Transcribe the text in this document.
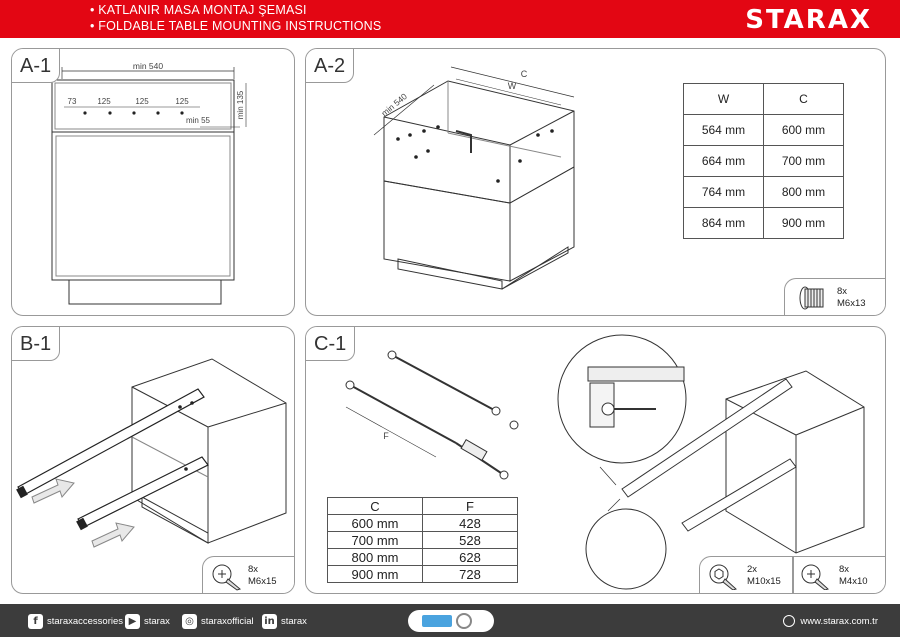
• KATLANIR MASA MONTAJ ŞEMASI
• FOLDABLE TABLE MOUNTING INSTRUCTIONS	STARAX
min 540
73	125	125	125
min 55
min 135
A-1	C
W
min 540
A-2
W	C
564 mm	600 mm
664 mm	700 mm
764 mm	800 mm
864 mm	900 mm
8x
M6x13
B-1
8x
M6x15
F
C-1
C	F
600 mm	428
700 mm	528
800 mm	628
900 mm	728	2x
M10x15
8x
M4x10
f staraxaccessories ▶ starax	◎ staraxofficial in starax	www.starax.com.tr
